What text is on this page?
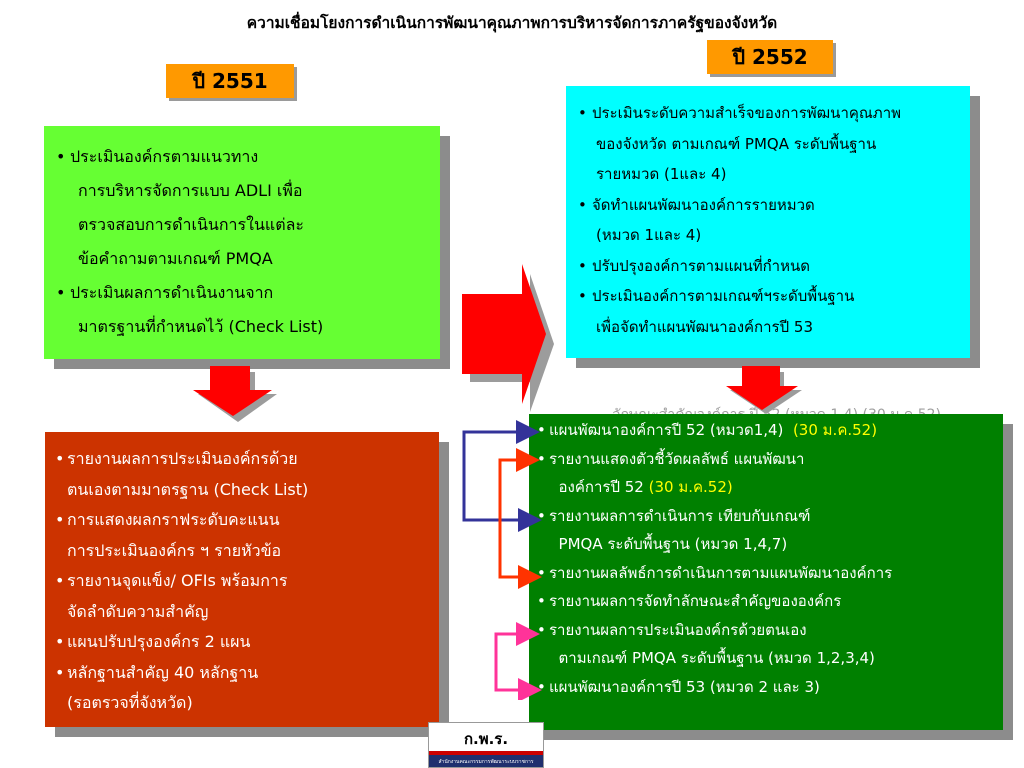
ความเชื่อมโยงการดำเนินการพัฒนาคุณภาพการบริหารจัดการภาครัฐของจังหวัด
ปี 2551
ปี 2552
• ประเมินองค์กรตามแนวทาง
การบริหารจัดการแบบ ADLI เพื่อ
ตรวจสอบการดำเนินการในแต่ละ
ข้อคำถามตามเกณฑ์ PMQA
• ประเมินผลการดำเนินงานจาก
มาตรฐานที่กำหนดไว้ (Check List)
• ประเมินระดับความสำเร็จของการพัฒนาคุณภาพ
ของจังหวัด ตามเกณฑ์ PMQA ระดับพื้นฐาน
รายหมวด (1และ 4)
• จัดทำแผนพัฒนาองค์การรายหมวด
(หมวด 1และ 4)
• ปรับปรุงองค์การตามแผนที่กำหนด
• ประเมินองค์การตามเกณฑ์ฯระดับพื้นฐาน
เพื่อจัดทำแผนพัฒนาองค์การปี 53
• รายงานผลการประเมินองค์กรด้วย
ตนเองตามมาตรฐาน (Check List)
• การแสดงผลกราฟระดับคะแนน
การประเมินองค์กร ฯ รายหัวข้อ
• รายงานจุดแข็ง/ OFIs พร้อมการ
จัดลำดับความสำคัญ
• แผนปรับปรุงองค์กร 2 แผน
• หลักฐานสำคัญ 40 หลักฐาน
(รอตรวจที่จังหวัด)
• แผนพัฒนาองค์การปี 52 (หมวด1,4) (30 ม.ค.52)
• รายงานแสดงตัวชี้วัดผลลัพธ์ แผนพัฒนา
องค์การปี 52 (30 ม.ค.52)
• รายงานผลการดำเนินการ เทียบกับเกณฑ์
PMQA ระดับพื้นฐาน (หมวด 1,4,7)
• รายงานผลลัพธ์การดำเนินการตามแผนพัฒนาองค์การ
• รายงานผลการจัดทำลักษณะสำคัญขององค์กร
• รายงานผลการประเมินองค์กรด้วยตนเอง
ตามเกณฑ์ PMQA ระดับพื้นฐาน (หมวด 1,2,3,4)
• แผนพัฒนาองค์การปี 53 (หมวด 2 และ 3)
ก.พ.ร.
สำนักงานคณะกรรมการพัฒนาระบบราชการ
